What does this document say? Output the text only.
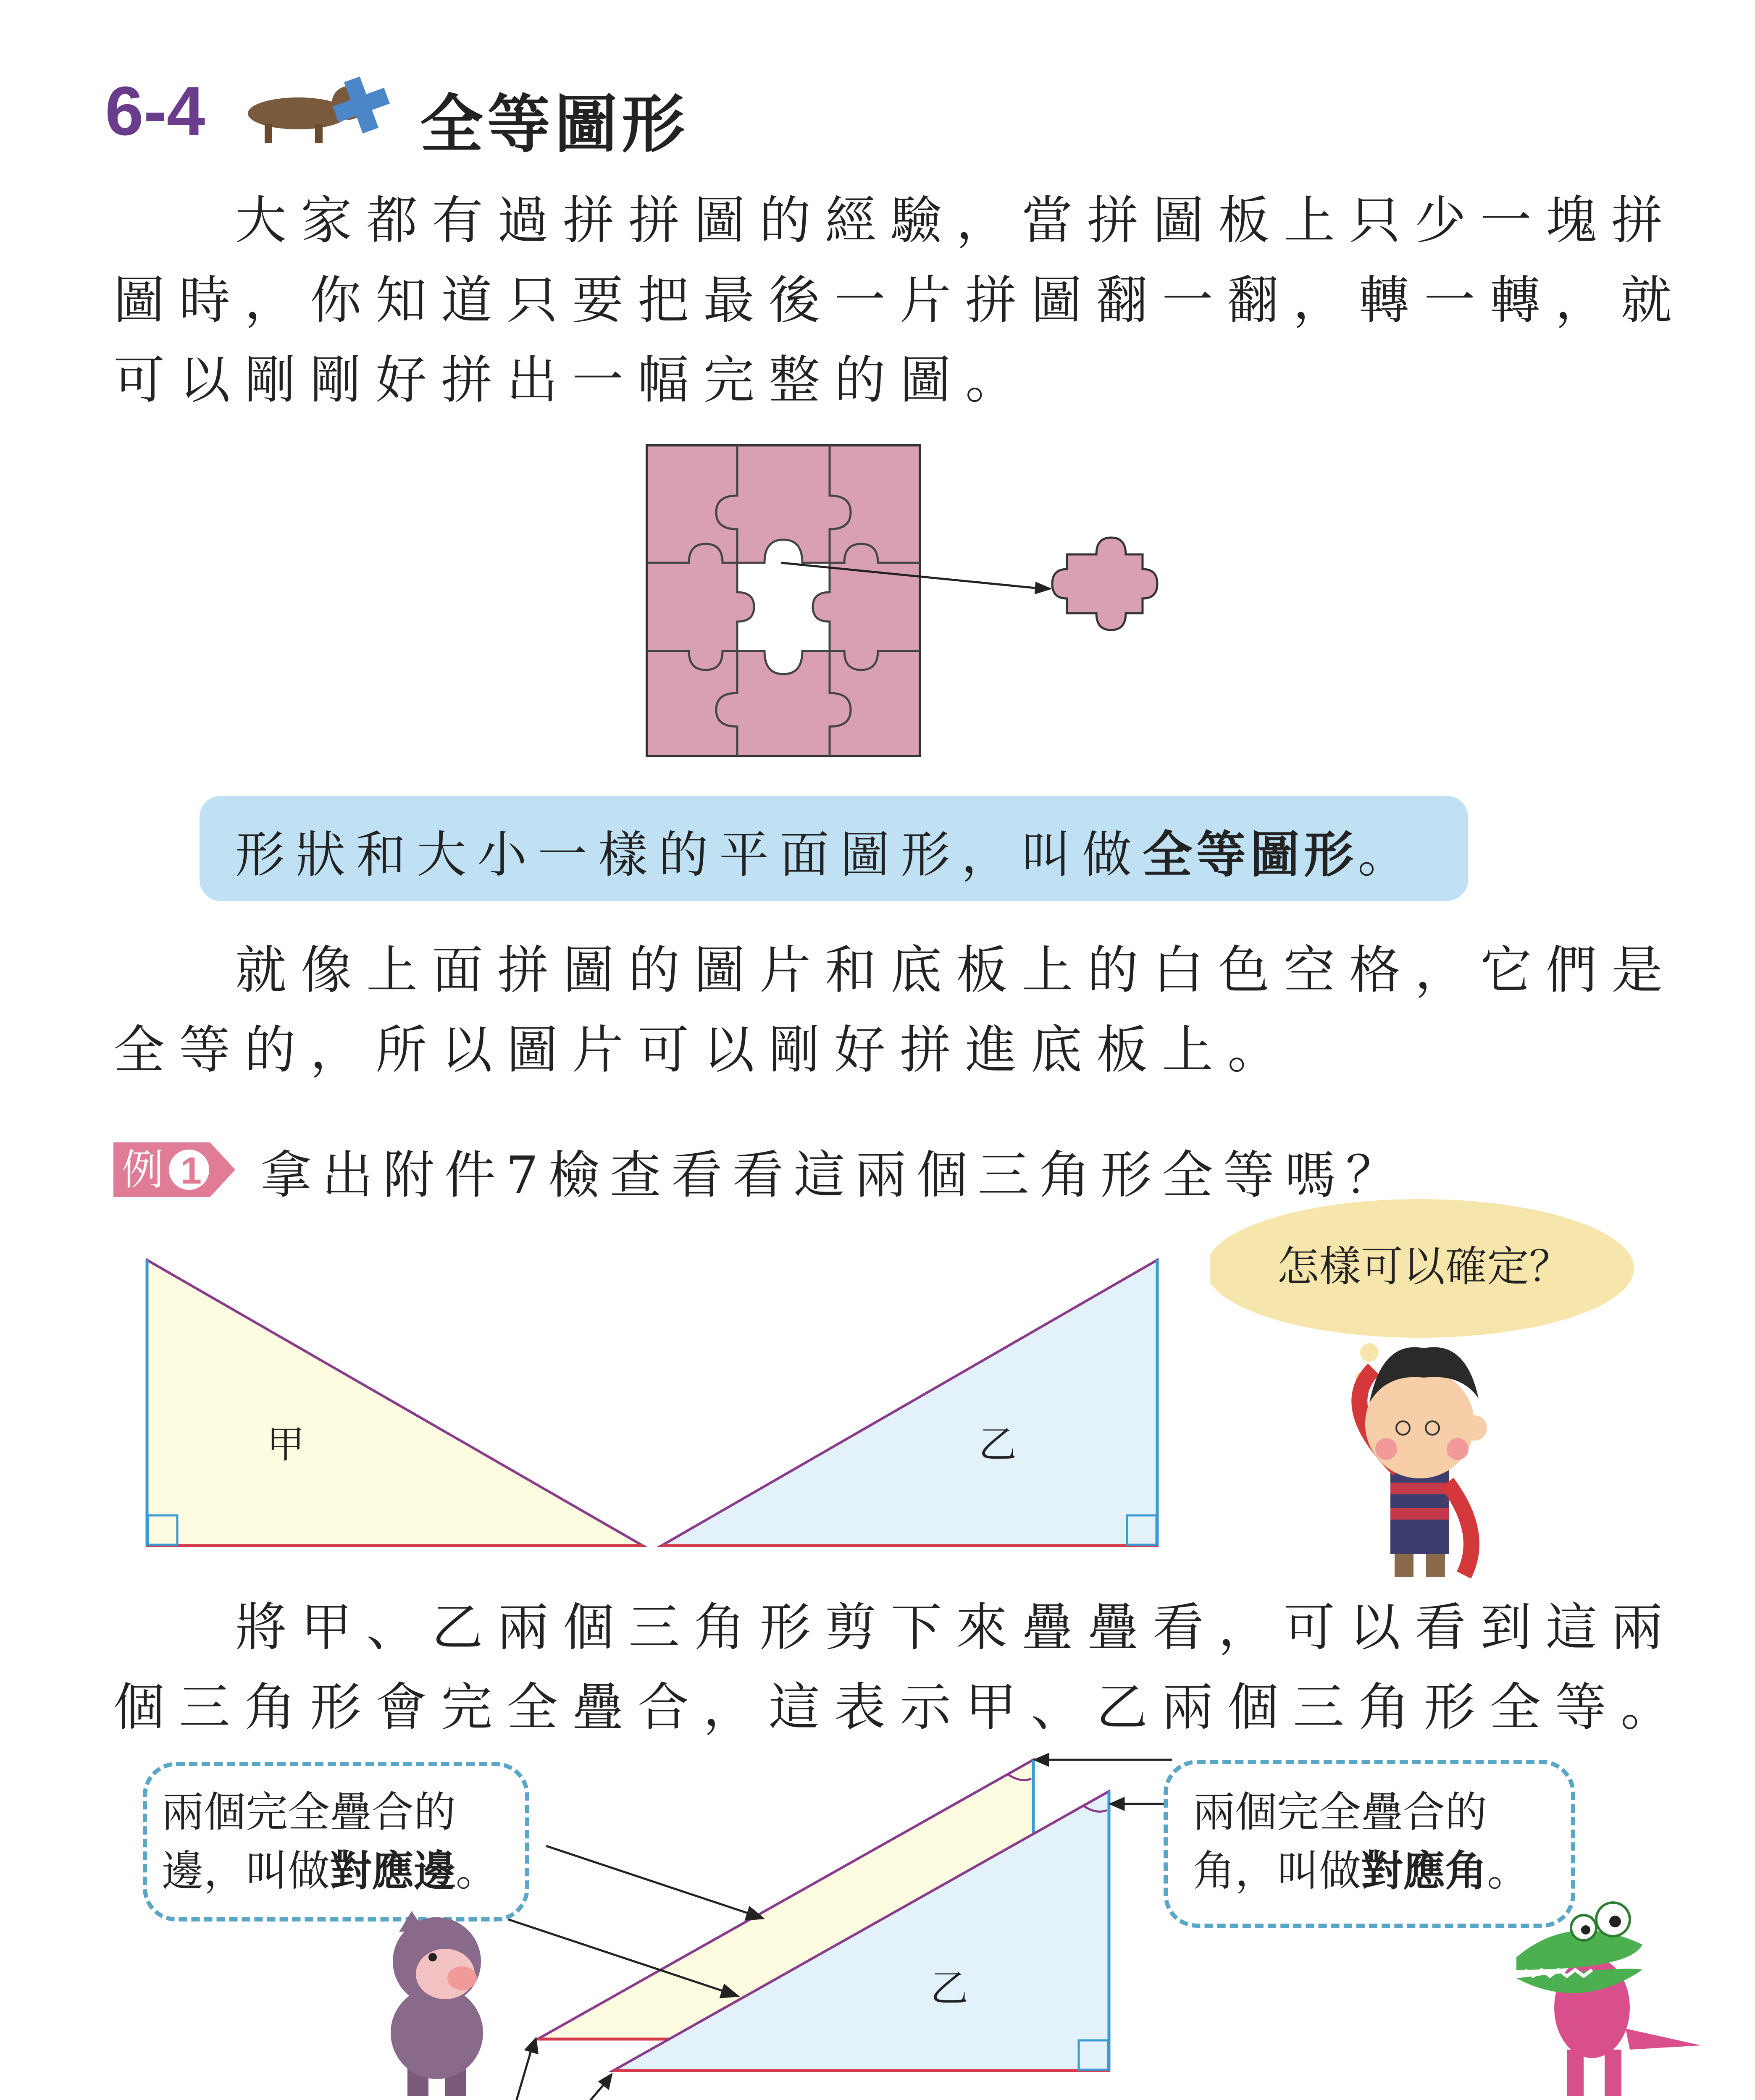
6-4	全等圖形
大家都有過拼拼圖的經驗，當拼圖板上只少一塊拼
圖時，你知道只要把最後一片拼圖翻一翻，轉一轉，就
可以剛剛好拼出一幅完整的圖。
形狀和大小一樣的平面圖形，叫做全等圖形。
就像上面拼圖的圖片和底板上的白色空格，它們是
全等的，所以圖片可以剛好拼進底板上。
例 1 拿出附件7檢查看看這兩個三角形全等嗎？
甲	乙
怎樣可以確定？
將甲、乙兩個三角形剪下來疊疊看，可以看到這兩
個三角形會完全疊合，這表示甲、乙兩個三角形全等。
乙
兩個完全疊合的
邊，叫做對應邊。
兩個完全疊合的
角，叫做對應角。
